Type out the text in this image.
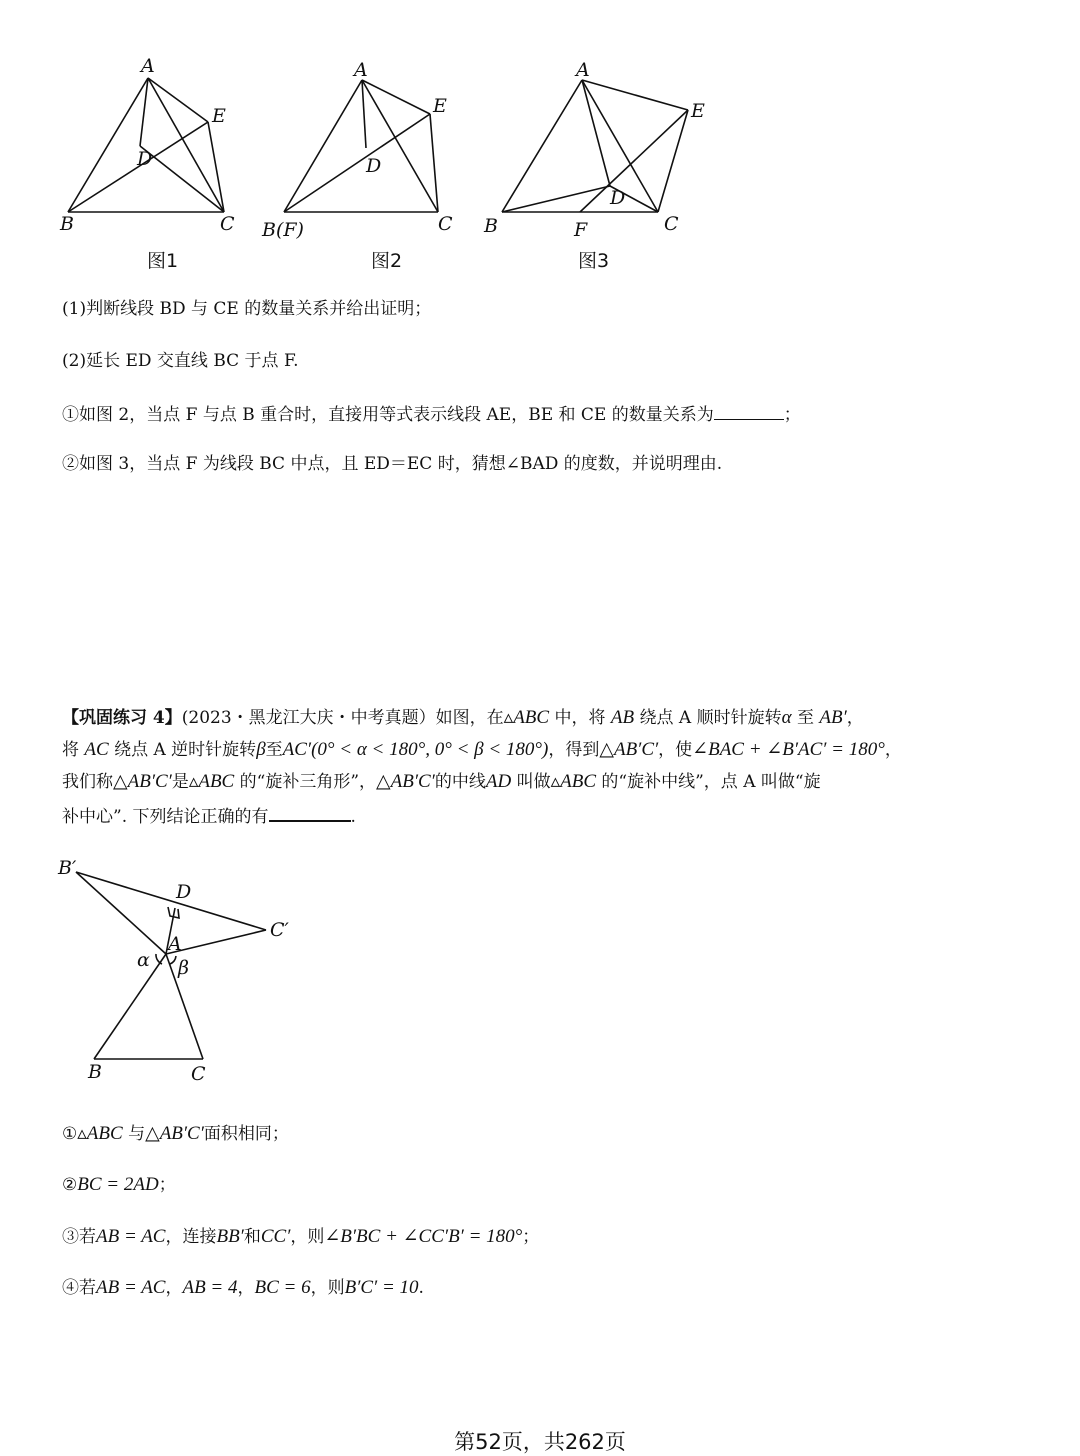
A
E
D
B	C
A
E
D
B(F)	C
A
E
D
B	F	C
图1	图2	图3
(1)判断线段 BD 与 CE 的数量关系并给出证明；
(2)延长 ED 交直线 BC 于点 F.
①如图 2，当点 F 与点 B 重合时，直接用等式表示线段 AE，BE 和 CE 的数量关系为	；
②如图 3，当点 F 为线段 BC 中点，且 ED＝EC 时，猜想∠BAD 的度数，并说明理由.
【巩固练习 4】(2023・黑龙江大庆・中考真题）如图，在▵ABC 中，将 AB 绕点 A 顺时针旋转α 至 AB′，
将 AC 绕点 A 逆时针旋转β至AC′(0° < α < 180°, 0° < β < 180°)，得到△AB′C′，使∠BAC + ∠B′AC′ = 180°，
我们称△AB′C′是▵ABC 的“旋补三角形”，△AB′C′的中线AD 叫做▵ABC 的“旋补中线”，点 A 叫做“旋
补中心”. 下列结论正确的有	.
B′
D
C′
A
α β
B	C
①▵ABC 与△AB′C′面积相同；
②BC = 2AD；
③若AB = AC，连接BB′和CC′，则∠B′BC + ∠CC′B′ = 180°；
④若AB = AC，AB = 4，BC = 6，则B′C′ = 10.
第52页，共262页
